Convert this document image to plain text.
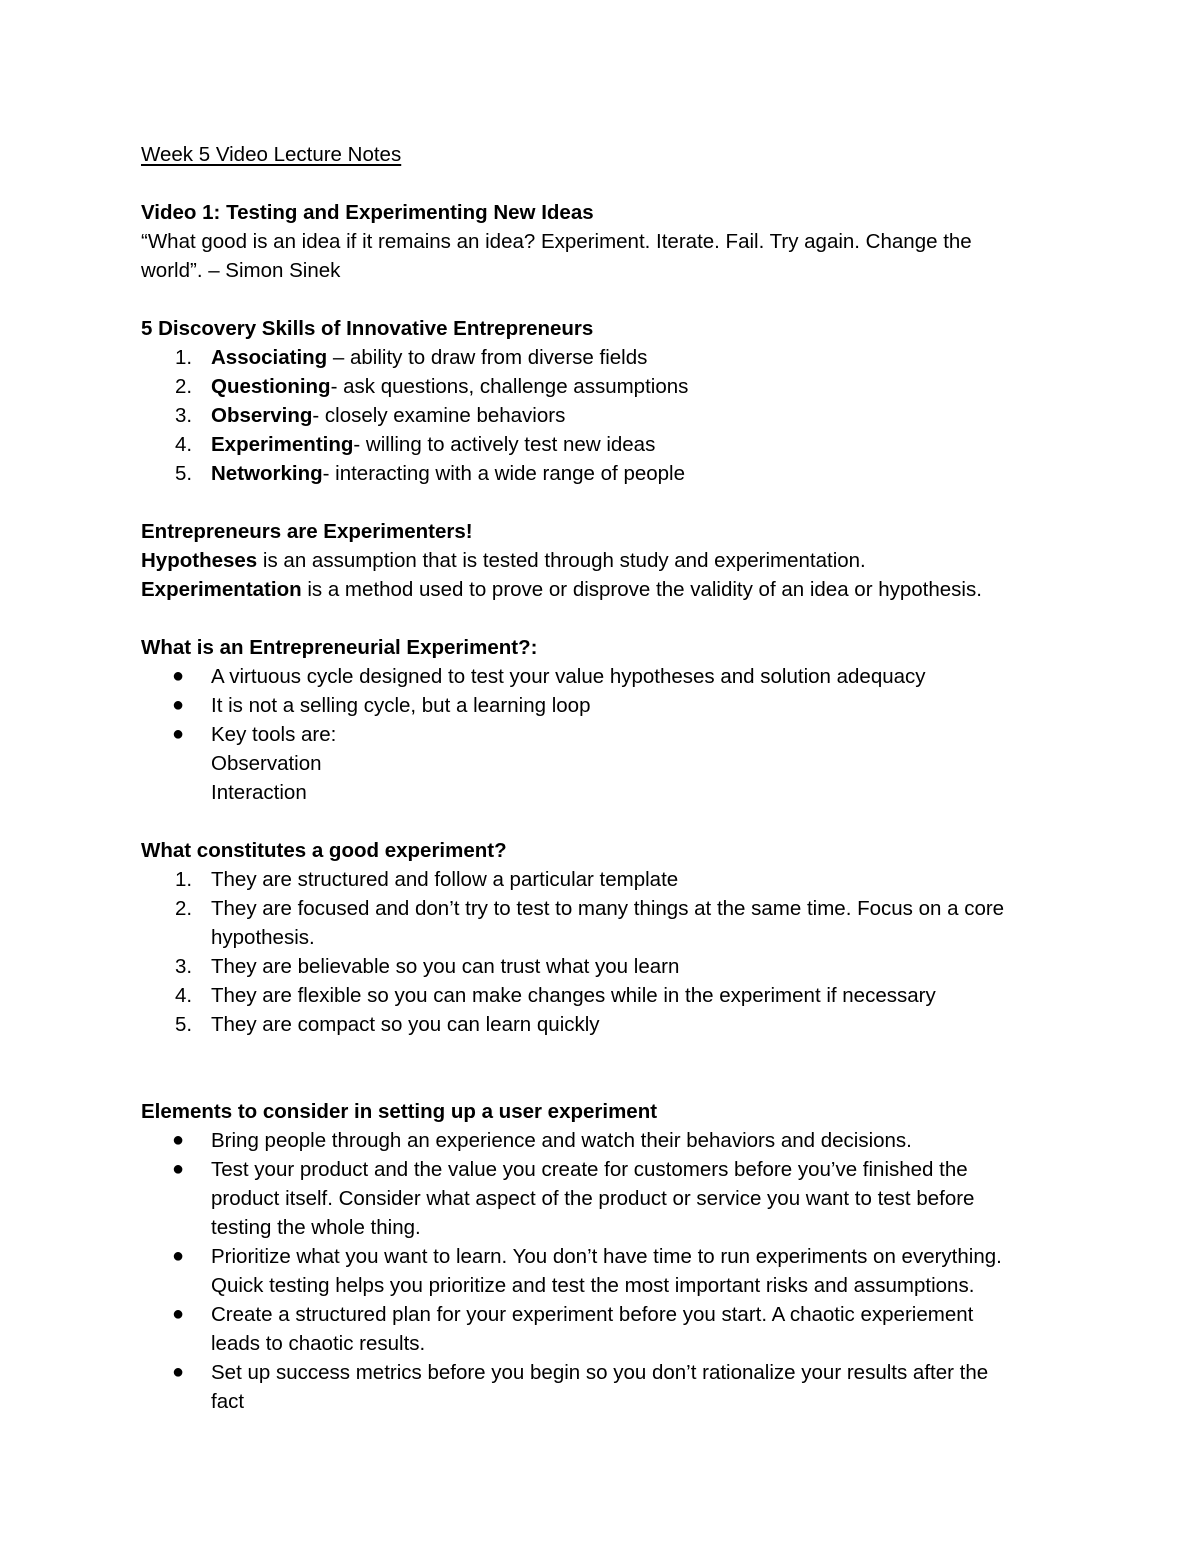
Week 5 Video Lecture Notes

Video 1: Testing and Experimenting New Ideas

“What good is an idea if it remains an idea? Experiment. Iterate. Fail. Try again. Change the

world”. – Simon Sinek

5 Discovery Skills of Innovative Entrepreneurs

1. Associating – ability to draw from diverse fields
2. Questioning- ask questions, challenge assumptions
3. Observing- closely examine behaviors
4. Experimenting- willing to actively test new ideas
5. Networking- interacting with a wide range of people

Entrepreneurs are Experimenters!

Hypotheses is an assumption that is tested through study and experimentation.

Experimentation is a method used to prove or disprove the validity of an idea or hypothesis.

What is an Entrepreneurial Experiment?:

● A virtuous cycle designed to test your value hypotheses and solution adequacy
● It is not a selling cycle, but a learning loop
● Key tools are:
Observation
Interaction

What constitutes a good experiment?

1. They are structured and follow a particular template
2. They are focused and don’t try to test to many things at the same time. Focus on a core
hypothesis.
3. They are believable so you can trust what you learn
4. They are flexible so you can make changes while in the experiment if necessary
5. They are compact so you can learn quickly

Elements to consider in setting up a user experiment

● Bring people through an experience and watch their behaviors and decisions.
● Test your product and the value you create for customers before you’ve finished the
product itself. Consider what aspect of the product or service you want to test before
testing the whole thing.
● Prioritize what you want to learn. You don’t have time to run experiments on everything.
Quick testing helps you prioritize and test the most important risks and assumptions.
● Create a structured plan for your experiment before you start. A chaotic experiement
leads to chaotic results.
● Set up success metrics before you begin so you don’t rationalize your results after the
fact
